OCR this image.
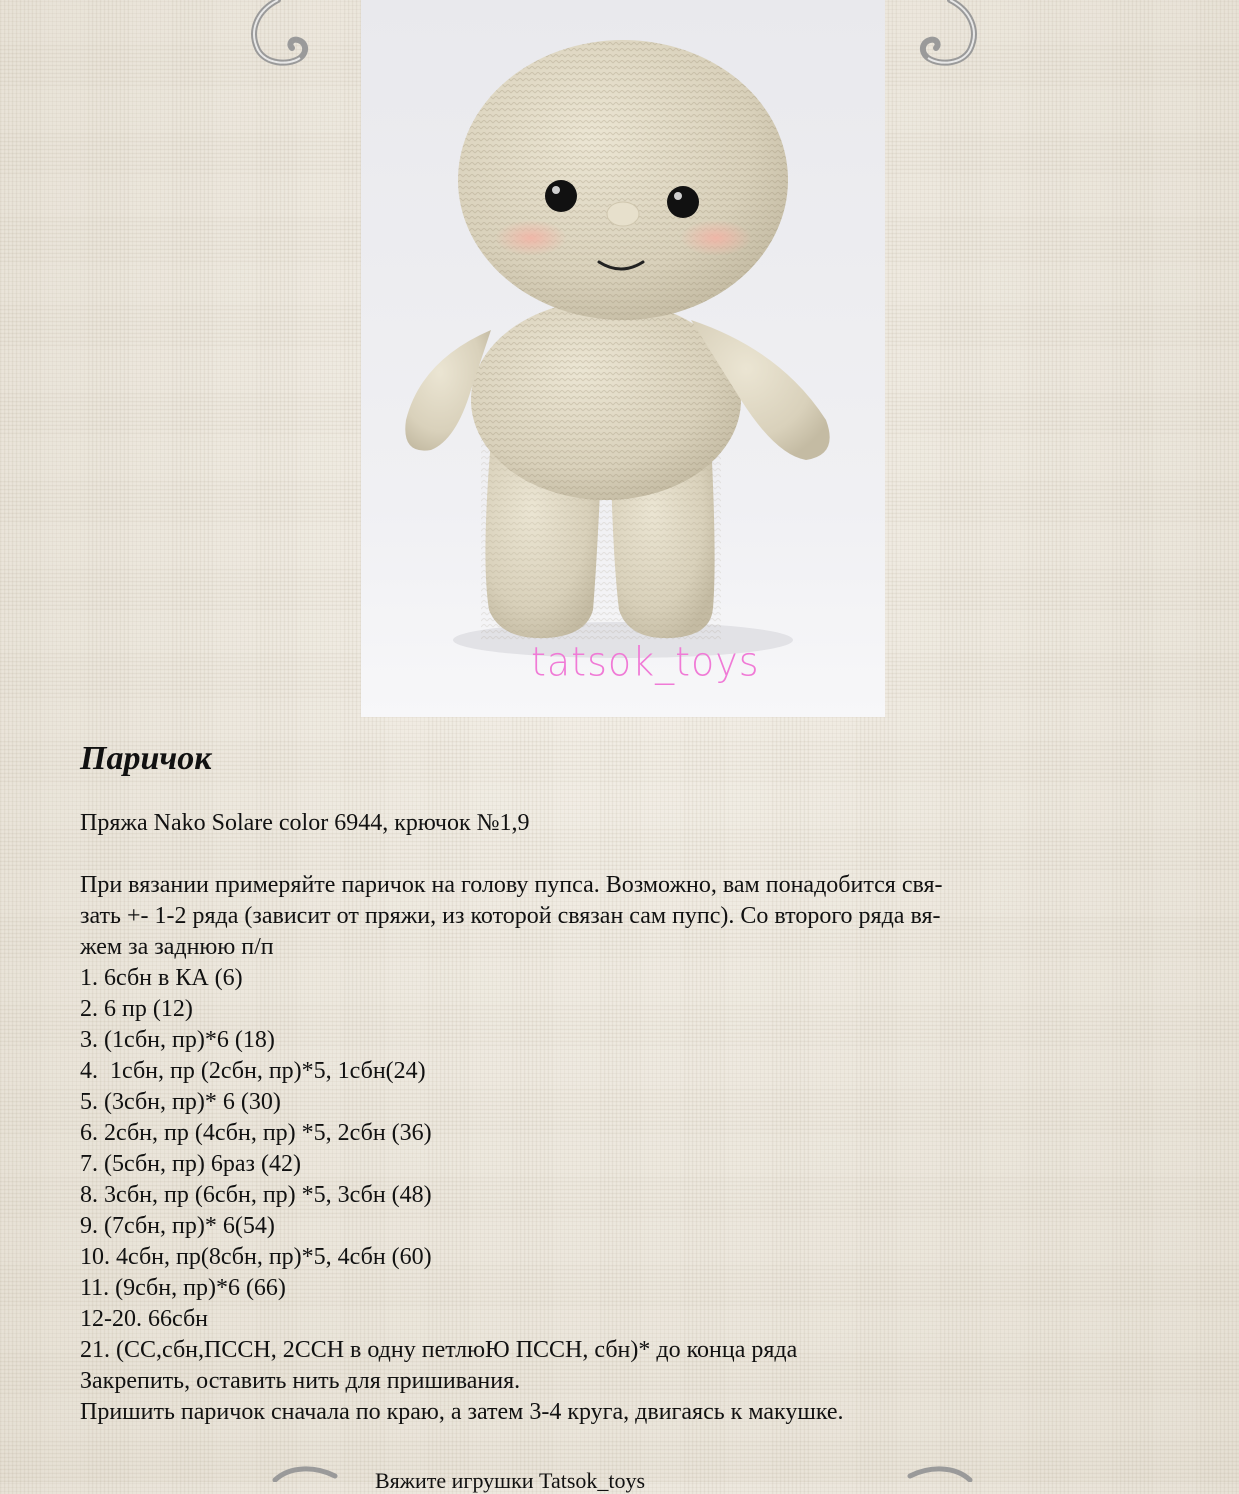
tatsok_toys
Паричок
Пряжа Nako Solare color 6944, крючок №1,9

При вязании примеряйте паричок на голову пупса. Возможно, вам понадобится свя-

зать +- 1-2 ряда (зависит от пряжи, из которой связан сам пупс). Со второго ряда вя-

жем за заднюю п/п

1. 6сбн в КА (6)
2. 6 пр (12)
3. (1сбн, пр)*6 (18)
4.  1сбн, пр (2сбн, пр)*5, 1сбн(24)
5. (3сбн, пр)* 6 (30)
6. 2сбн, пр (4сбн, пр) *5, 2сбн (36)
7. (5сбн, пр) 6раз (42)
8. 3сбн, пр (6сбн, пр) *5, 3сбн (48)
9. (7сбн, пр)* 6(54)
10. 4сбн, пр(8сбн, пр)*5, 4сбн (60)
11. (9сбн, пр)*6 (66)
12-20. 66сбн
21. (СС,сбн,ПССН, 2ССН в одну петлюЮ ПССН, сбн)* до конца ряда
Закрепить, оставить нить для пришивания.
Пришить паричок сначала по краю, а затем 3-4 круга, двигаясь к макушке.
Вяжите игрушки Tatsok_toys
